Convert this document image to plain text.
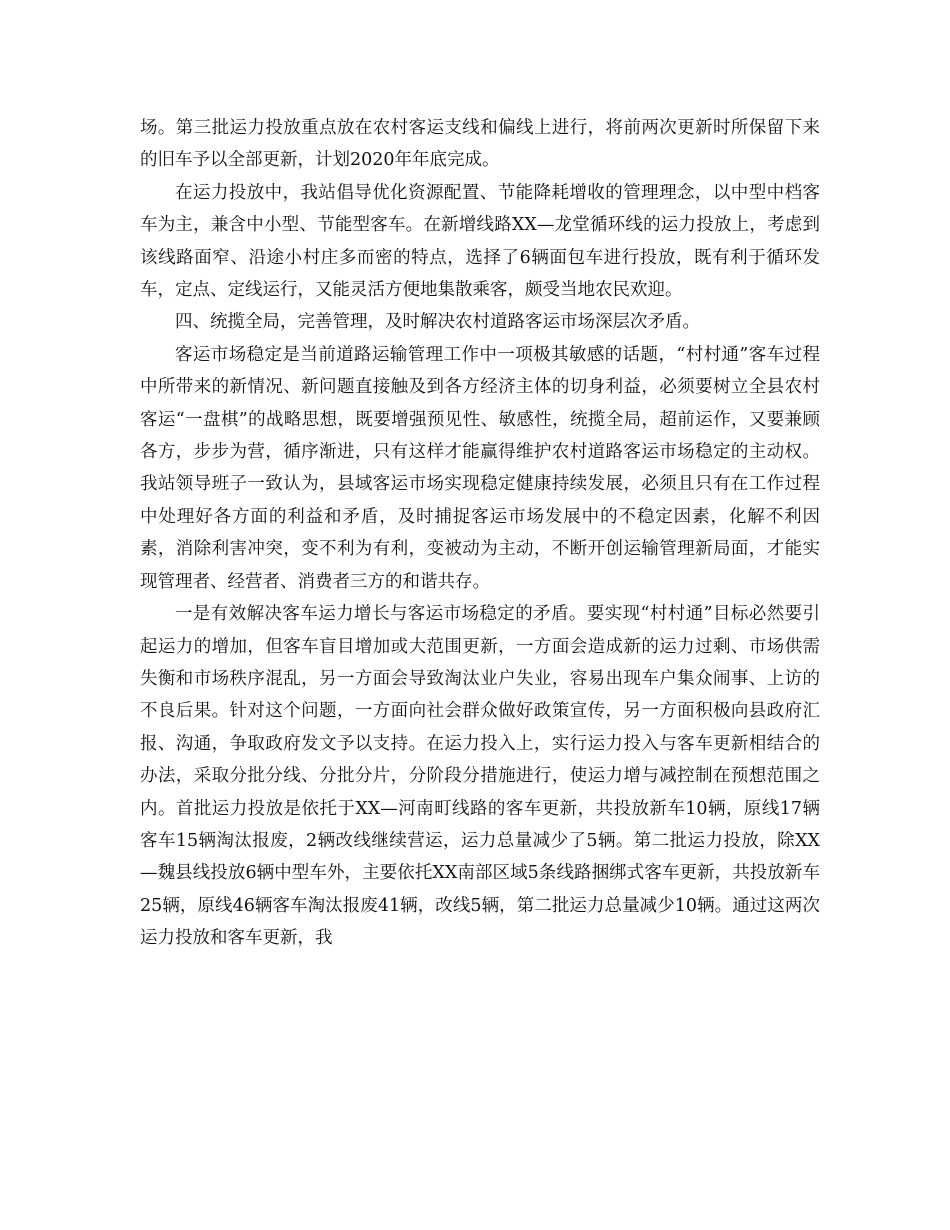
场。第三批运力投放重点放在农村客运支线和偏线上进行，将前两次更新时所保留下来的旧车予以全部更新，计划2020年年底完成。

在运力投放中，我站倡导优化资源配置、节能降耗增收的管理理念，以中型中档客车为主，兼含中小型、节能型客车。在新增线路XX—龙堂循环线的运力投放上，考虑到该线路面窄、沿途小村庄多而密的特点，选择了6辆面包车进行投放，既有利于循环发车，定点、定线运行，又能灵活方便地集散乘客，颇受当地农民欢迎。

四、统揽全局，完善管理，及时解决农村道路客运市场深层次矛盾。

客运市场稳定是当前道路运输管理工作中一项极其敏感的话题，“村村通”客车过程中所带来的新情况、新问题直接触及到各方经济主体的切身利益，必须要树立全县农村客运“一盘棋”的战略思想，既要增强预见性、敏感性，统揽全局，超前运作，又要兼顾各方，步步为营，循序渐进，只有这样才能赢得维护农村道路客运市场稳定的主动权。我站领导班子一致认为，县域客运市场实现稳定健康持续发展，必须且只有在工作过程中处理好各方面的利益和矛盾，及时捕捉客运市场发展中的不稳定因素，化解不利因素，消除利害冲突，变不利为有利，变被动为主动，不断开创运输管理新局面，才能实现管理者、经营者、消费者三方的和谐共存。

一是有效解决客车运力增长与客运市场稳定的矛盾。要实现“村村通”目标必然要引起运力的增加，但客车盲目增加或大范围更新，一方面会造成新的运力过剩、市场供需失衡和市场秩序混乱，另一方面会导致淘汰业户失业，容易出现车户集众闹事、上访的不良后果。针对这个问题，一方面向社会群众做好政策宣传，另一方面积极向县政府汇报、沟通，争取政府发文予以支持。在运力投入上，实行运力投入与客车更新相结合的办法，采取分批分线、分批分片，分阶段分措施进行，使运力增与减控制在预想范围之内。首批运力投放是依托于XX—河南町线路的客车更新，共投放新车10辆，原线17辆客车15辆淘汰报废，2辆改线继续营运，运力总量减少了5辆。第二批运力投放，除XX—魏县线投放6辆中型车外，主要依托XX南部区域5条线路捆绑式客车更新，共投放新车25辆，原线46辆客车淘汰报废41辆，改线5辆，第二批运力总量减少10辆。通过这两次运力投放和客车更新，我
